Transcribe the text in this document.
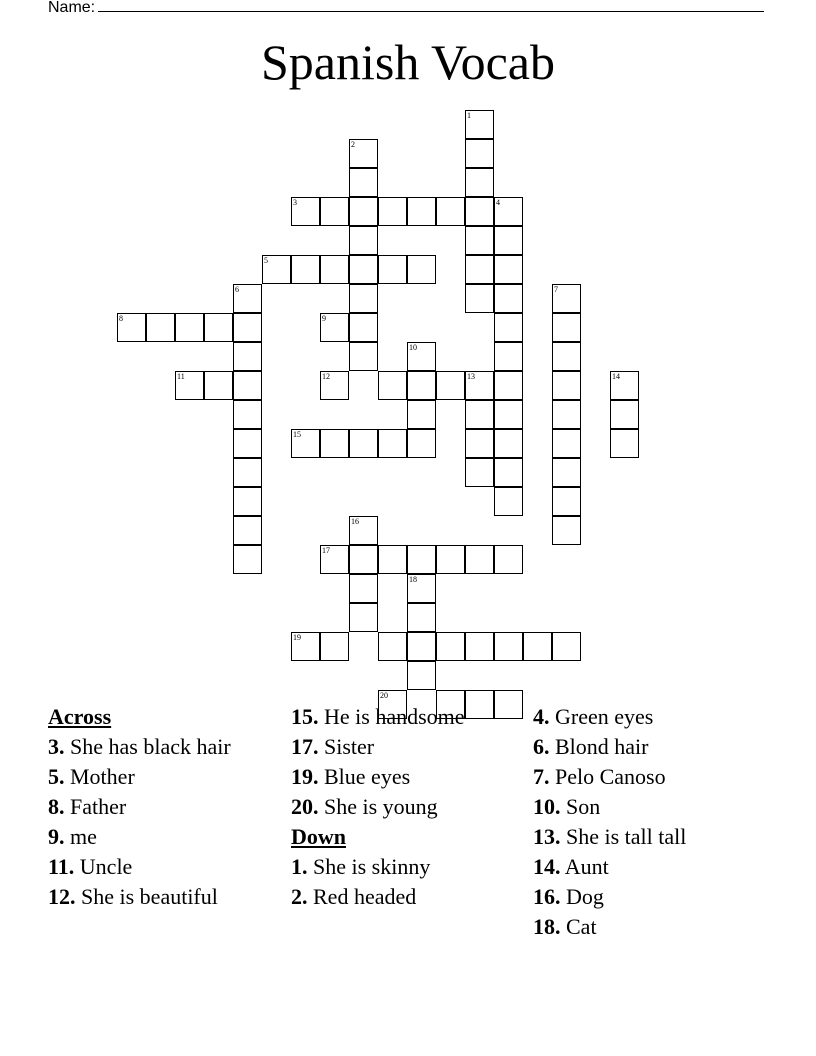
Name:
Spanish Vocab
1
2
3	4
5
6	7
8	9
10
11	12	13	14
15
16
17
18
19
20
Across
3. She has black hair
5. Mother
8. Father
9. me
11. Uncle
12. She is beautiful
15. He is handsome
17. Sister
19. Blue eyes
20. She is young
Down
1. She is skinny
2. Red headed
4. Green eyes
6. Blond hair
7. Pelo Canoso
10. Son
13. She is tall tall
14. Aunt
16. Dog
18. Cat
